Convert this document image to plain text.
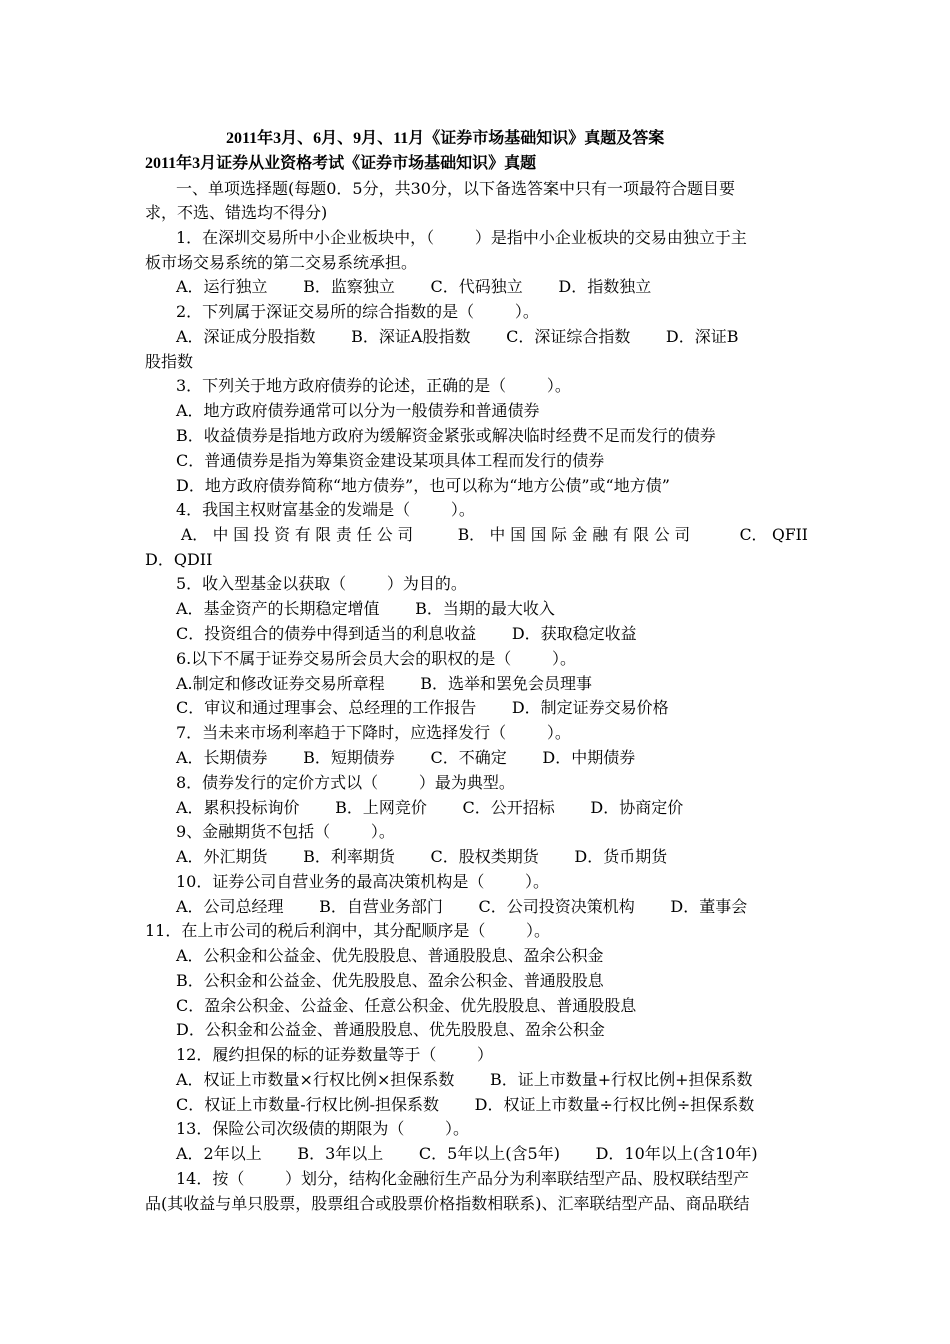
2011年3月、6月、9月、11月《证券市场基础知识》真题及答案
2011年3月证券从业资格考试《证券市场基础知识》真题
一、单项选择题(每题0．5分，共30分，以下备选答案中只有一项最符合题目要
求，不选、错选均不得分)
1．在深圳交易所中小企业板块中，（        ）是指中小企业板块的交易由独立于主
板市场交易系统的第二交易系统承担。
A．运行独立       B．监察独立       C．代码独立       D．指数独立
2．下列属于深证交易所的综合指数的是（        ）。
A．深证成分股指数       B．深证A股指数       C．深证综合指数       D．深证B
股指数
3．下列关于地方政府债券的论述，正确的是（        ）。
A．地方政府债券通常可以分为一般债券和普通债券
B．收益债券是指地方政府为缓解资金紧张或解决临时经费不足而发行的债券
C．普通债券是指为筹集资金建设某项具体工程而发行的债券
D．地方政府债券简称“地方债券”，也可以称为“地方公债”或“地方债”
4．我国主权财富基金的发端是（        ）。
A． 中 国 投 资 有 限 责 任 公 司         B． 中 国 国 际 金 融 有 限 公 司          C． QFII
D．QDII
5．收入型基金以获取（        ）为目的。
A．基金资产的长期稳定增值       B．当期的最大收入
C．投资组合的债券中得到适当的利息收益       D．获取稳定收益
6.以下不属于证券交易所会员大会的职权的是（        ）。
A.制定和修改证券交易所章程       B．选举和罢免会员理事
C．审议和通过理事会、总经理的工作报告       D．制定证券交易价格
7．当未来市场利率趋于下降时，应选择发行（        ）。
A．长期债券       B．短期债券       C．不确定       D．中期债券
8．债券发行的定价方式以（        ）最为典型。
A．累积投标询价       B．上网竞价       C．公开招标       D．协商定价
9、金融期货不包括（        ）。
A．外汇期货       B．利率期货       C．股权类期货       D．货币期货
10．证券公司自营业务的最高决策机构是（        ）。
A．公司总经理       B．自营业务部门       C．公司投资决策机构       D．董事会
11．在上市公司的税后利润中，其分配顺序是（        ）。
A．公积金和公益金、优先股股息、普通股股息、盈余公积金
B．公积金和公益金、优先股股息、盈余公积金、普通股股息
C．盈余公积金、公益金、任意公积金、优先股股息、普通股股息
D．公积金和公益金、普通股股息、优先股股息、盈余公积金
12．履约担保的标的证券数量等于（        ）
A．权证上市数量×行权比例×担保系数       B．证上市数量+行权比例+担保系数
C．权证上市数量-行权比例-担保系数       D．权证上市数量÷行权比例÷担保系数
13．保险公司次级债的期限为（        ）。
A．2年以上       B．3年以上       C．5年以上(含5年)       D．10年以上(含10年)
14．按（        ）划分，结构化金融衍生产品分为利率联结型产品、股权联结型产
品(其收益与单只股票，股票组合或股票价格指数相联系)、汇率联结型产品、商品联结
